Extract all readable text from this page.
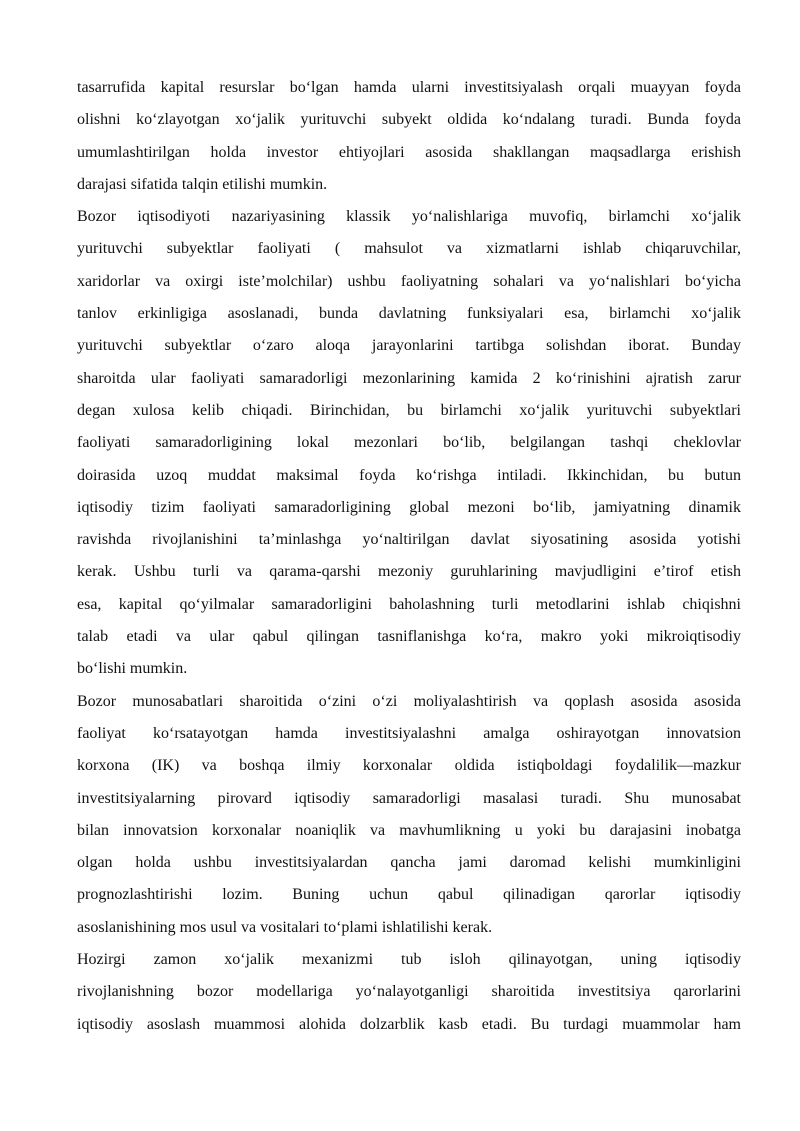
tasarrufida kapital resurslar bo‘lgan hamda ularni investitsiyalash orqali muayyan foyda
olishni ko‘zlayotgan xo‘jalik yurituvchi subyekt oldida ko‘ndalang turadi. Bunda foyda
umumlashtirilgan holda investor ehtiyojlari asosida shakllangan maqsadlarga erishish
darajasi sifatida talqin etilishi mumkin.

Bozor iqtisodiyoti nazariyasining klassik yo‘nalishlariga muvofiq, birlamchi xo‘jalik
yurituvchi subyektlar faoliyati ( mahsulot va xizmatlarni ishlab chiqaruvchilar,
xaridorlar va oxirgi iste’molchilar) ushbu faoliyatning sohalari va yo‘nalishlari bo‘yicha
tanlov erkinligiga asoslanadi, bunda davlatning funksiyalari esa, birlamchi xo‘jalik
yurituvchi subyektlar o‘zaro aloqa jarayonlarini tartibga solishdan iborat. Bunday
sharoitda ular faoliyati samaradorligi mezonlarining kamida 2 ko‘rinishini ajratish zarur
degan xulosa kelib chiqadi. Birinchidan, bu birlamchi xo‘jalik yurituvchi subyektlari
faoliyati samaradorligining lokal mezonlari bo‘lib, belgilangan tashqi cheklovlar
doirasida uzoq muddat maksimal foyda ko‘rishga intiladi. Ikkinchidan, bu butun
iqtisodiy tizim faoliyati samaradorligining global mezoni bo‘lib, jamiyatning dinamik
ravishda rivojlanishini ta’minlashga yo‘naltirilgan davlat siyosatining asosida yotishi
kerak. Ushbu turli va qarama-qarshi mezoniy guruhlarining mavjudligini e’tirof etish
esa, kapital qo‘yilmalar samaradorligini baholashning turli metodlarini ishlab chiqishni
talab etadi va ular qabul qilingan tasniflanishga ko‘ra, makro yoki mikroiqtisodiy
bo‘lishi mumkin.

Bozor munosabatlari sharoitida o‘zini o‘zi moliyalashtirish va qoplash asosida asosida
faoliyat ko‘rsatayotgan hamda investitsiyalashni amalga oshirayotgan innovatsion
korxona (IK) va boshqa ilmiy korxonalar oldida istiqboldagi foydalilik—mazkur
investitsiyalarning pirovard iqtisodiy samaradorligi masalasi turadi. Shu munosabat
bilan innovatsion korxonalar noaniqlik va mavhumlikning u yoki bu darajasini inobatga
olgan holda ushbu investitsiyalardan qancha jami daromad kelishi mumkinligini
prognozlashtirishi lozim. Buning uchun qabul qilinadigan qarorlar iqtisodiy
asoslanishining mos usul va vositalari to‘plami ishlatilishi kerak.

Hozirgi zamon xo‘jalik mexanizmi tub isloh qilinayotgan, uning iqtisodiy
rivojlanishning bozor modellariga yo‘nalayotganligi sharoitida investitsiya qarorlarini
iqtisodiy asoslash muammosi alohida dolzarblik kasb etadi. Bu turdagi muammolar ham
